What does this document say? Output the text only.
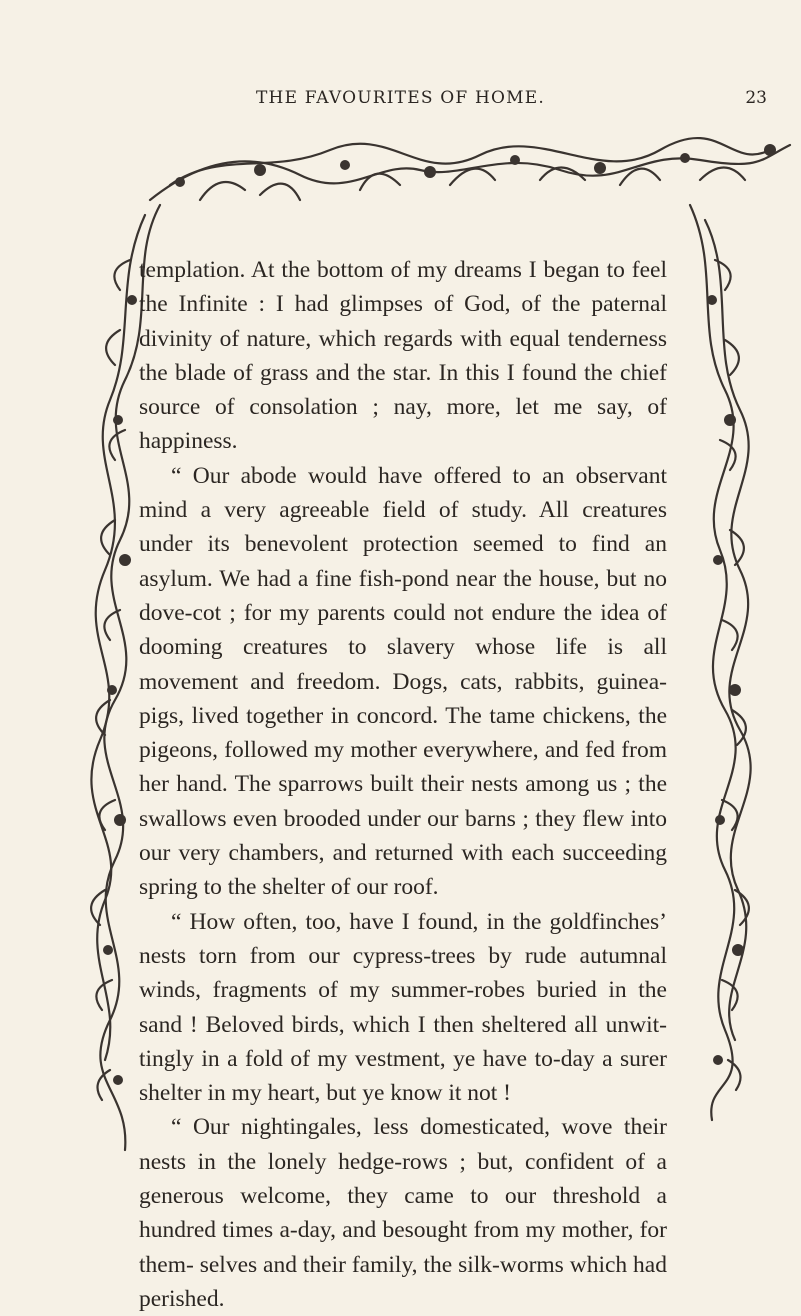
THE FAVOURITES OF HOME.	23

templation. At the bottom of my dreams I began to feel the Infinite : I had glimpses of God, of the paternal divinity of nature, which regards with equal tenderness the blade of grass and the star. In this I found the chief source of consolation ; nay, more, let me say, of happiness.

“ Our abode would have offered to an observant mind a very agreeable field of study. All creatures under its benevolent protection seemed to find an asylum. We had a fine fish-pond near the house, but no dove-cot ; for my parents could not endure the idea of dooming creatures to slavery whose life is all movement and freedom. Dogs, cats, rabbits, guinea-pigs, lived together in concord. The tame chickens, the pigeons, followed my mother everywhere, and fed from her hand. The sparrows built their nests among us ; the swallows even brooded under our barns ; they flew into our very chambers, and returned with each succeeding spring to the shelter of our roof.

“ How often, too, have I found, in the goldfinches’ nests torn from our cypress-trees by rude autumnal winds, fragments of my summer-robes buried in the sand ! Beloved birds, which I then sheltered all unwit- tingly in a fold of my vestment, ye have to-day a surer shelter in my heart, but ye know it not !

“ Our nightingales, less domesticated, wove their nests in the lonely hedge-rows ; but, confident of a generous welcome, they came to our threshold a hundred times a-day, and besought from my mother, for them- selves and their family, the silk-worms which had perished.
